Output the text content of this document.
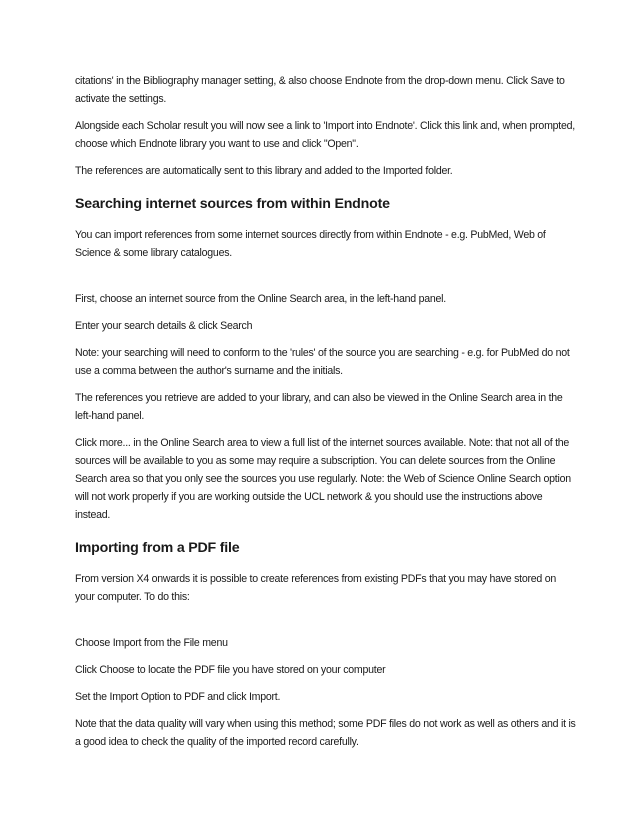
citations' in the Bibliography manager setting, & also choose Endnote from the drop-down menu. Click Save to activate the settings.

Alongside each Scholar result you will now see a link to 'Import into Endnote'. Click this link and, when prompted, choose which Endnote library you want to use and click "Open".

The references are automatically sent to this library and added to the Imported folder.

Searching internet sources from within Endnote

You can import references from some internet sources directly from within Endnote - e.g. PubMed, Web of Science & some library catalogues.

First, choose an internet source from the Online Search area, in the left-hand panel.

Enter your search details & click Search

Note: your searching will need to conform to the 'rules' of the source you are searching - e.g. for PubMed do not use a comma between the author's surname and the initials.

The references you retrieve are added to your library, and can also be viewed in the Online Search area in the left-hand panel.

Click more... in the Online Search area to view a full list of the internet sources available. Note: that not all of the sources will be available to you as some may require a subscription. You can delete sources from the Online Search area so that you only see the sources you use regularly. Note: the Web of Science Online Search option will not work properly if you are working outside the UCL network & you should use the instructions above instead.

Importing from a PDF file

From version X4 onwards it is possible to create references from existing PDFs that you may have stored on your computer. To do this:

Choose Import from the File menu

Click Choose to locate the PDF file you have stored on your computer

Set the Import Option to PDF and click Import.

Note that the data quality will vary when using this method; some PDF files do not work as well as others and it is a good idea to check the quality of the imported record carefully.
